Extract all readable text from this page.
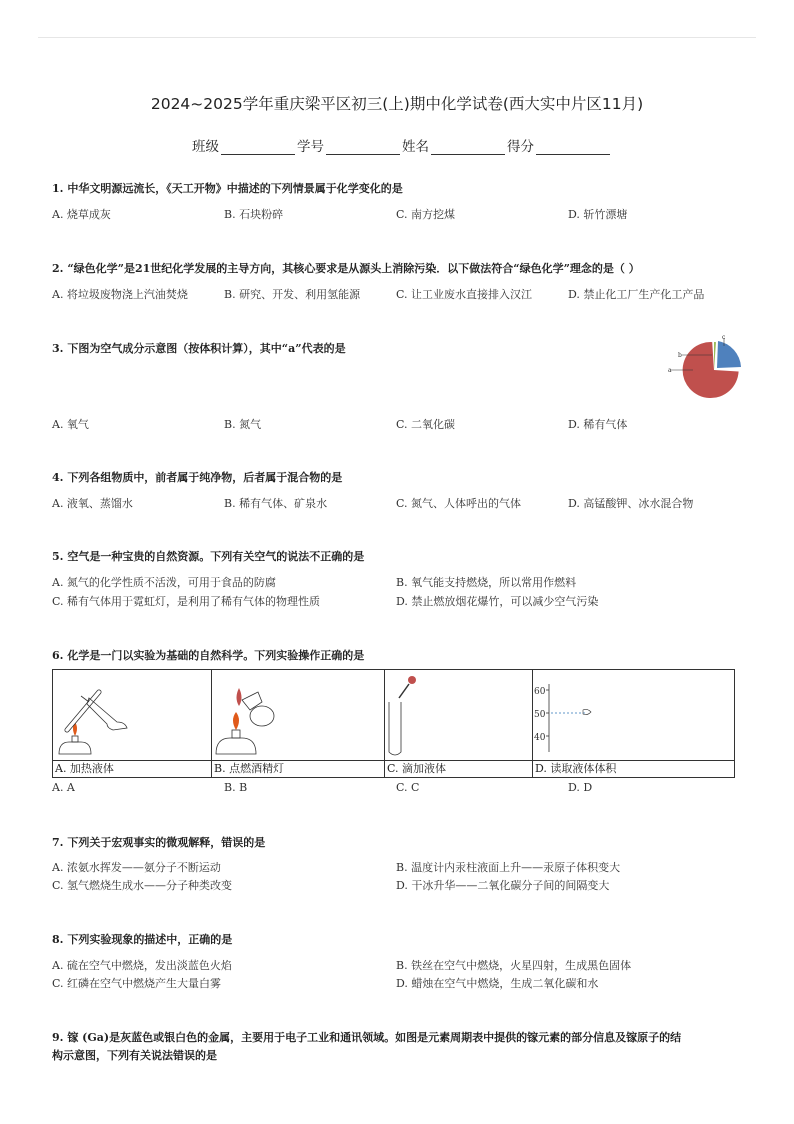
2024~2025学年重庆梁平区初三(上)期中化学试卷(西大实中片区11月)
班级	学号	姓名	得分
1. 中华文明源远流长，《天工开物》中描述的下列情景属于化学变化的是
A. 烧草成灰	B. 石块粉碎	C. 南方挖煤	D. 斩竹漂塘
2. “绿色化学”是21世纪化学发展的主导方向，其核心要求是从源头上消除污染．以下做法符合“绿色化学”理念的是（ ）
A. 将垃圾废物浇上汽油焚烧	B. 研究、开发、利用氢能源	C. 让工业废水直接排入汉江	D. 禁止化工厂生产化工产品
3. 下图为空气成分示意图（按体积计算），其中“a”代表的是
a
b
c
A. 氧气	B. 氮气	C. 二氧化碳	D. 稀有气体
4. 下列各组物质中，前者属于纯净物，后者属于混合物的是
A. 液氧、蒸馏水	B. 稀有气体、矿泉水	C. 氮气、人体呼出的气体	D. 高锰酸钾、冰水混合物
5. 空气是一种宝贵的自然资源。下列有关空气的说法不正确的是
A. 氮气的化学性质不活泼，可用于食品的防腐	B. 氧气能支持燃烧，所以常用作燃料
C. 稀有气体用于霓虹灯，是利用了稀有气体的物理性质	D. 禁止燃放烟花爆竹，可以减少空气污染
6. 化学是一门以实验为基础的自然科学。下列实验操作正确的是

60
50
40

A. 加热液体	B. 点燃酒精灯	C. 滴加液体	D. 读取液体体积
A. A	B. B	C. C	D. D
7. 下列关于宏观事实的微观解释，错误的是
A. 浓氨水挥发——氨分子不断运动	B. 温度计内汞柱液面上升——汞原子体积变大
C. 氢气燃烧生成水——分子种类改变	D. 干冰升华——二氧化碳分子间的间隔变大
8. 下列实验现象的描述中，正确的是
A. 硫在空气中燃烧，发出淡蓝色火焰	B. 铁丝在空气中燃烧，火星四射，生成黑色固体
C. 红磷在空气中燃烧产生大量白雾	D. 蜡烛在空气中燃烧，生成二氧化碳和水
9. 镓 (Ga)是灰蓝色或银白色的金属，主要用于电子工业和通讯领域。如图是元素周期表中提供的镓元素的部分信息及镓原子的结
构示意图，下列有关说法错误的是
